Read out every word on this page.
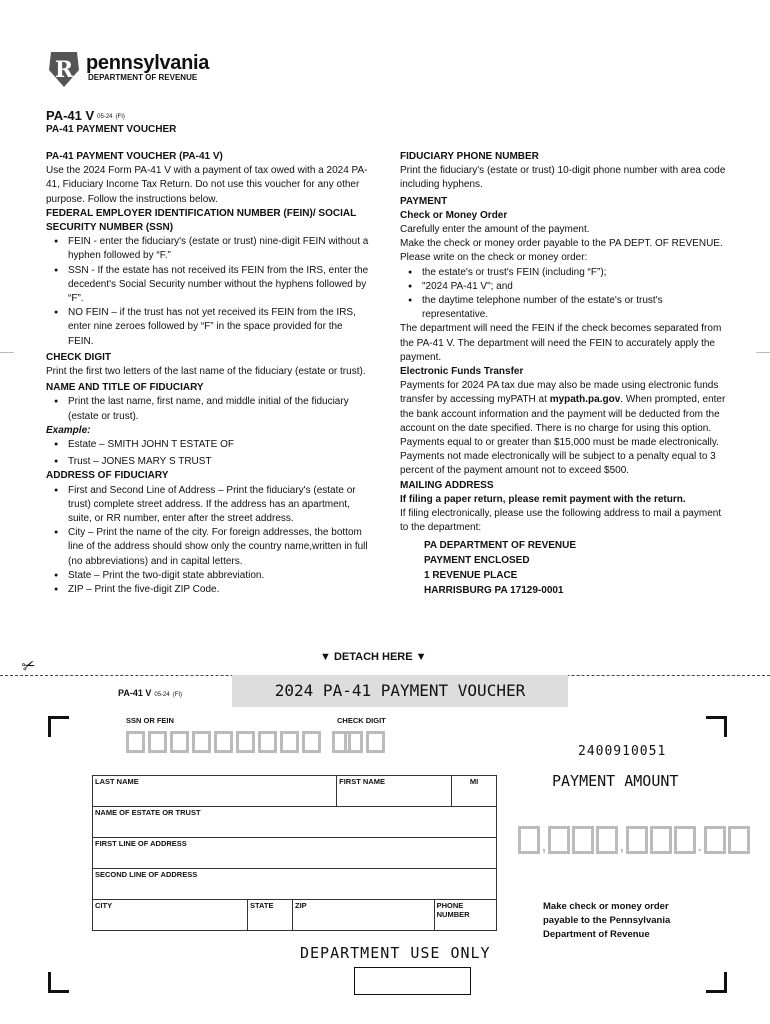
R pennsylvania
DEPARTMENT OF REVENUE
PA-41 V 05-24 (FI)
PA-41 PAYMENT VOUCHER
PA-41 PAYMENT VOUCHER (PA-41 V)

Use the 2024 Form PA-41 V with a payment of tax owed with a 2024 PA-41, Fiduciary Income Tax Return. Do not use this voucher for any other purpose. Follow the instructions below.

FEDERAL EMPLOYER IDENTIFICATION NUMBER (FEIN)/ SOCIAL SECURITY NUMBER (SSN)
● FEIN - enter the fiduciary's (estate or trust) nine-digit FEIN without a hyphen followed by “F.”
● SSN - If the estate has not received its FEIN from the IRS, enter the decedent's Social Security number without the hyphens followed by “F”.
● NO FEIN – if the trust has not yet received its FEIN from the IRS, enter nine zeroes followed by “F” in the space provided for the FEIN.
CHECK DIGIT

Print the first two letters of the last name of the fiduciary (estate or trust).

NAME AND TITLE OF FIDUCIARY
● Print the last name, first name, and middle initial of the fiduciary (estate or trust).
Example:
● Estate – SMITH JOHN T ESTATE OF
● Trust – JONES MARY S TRUST
ADDRESS OF FIDUCIARY
● First and Second Line of Address – Print the fiduciary's (estate or trust) complete street address. If the address has an apartment, suite, or RR number, enter after the street address.
● City – Print the name of the city. For foreign addresses, the bottom line of the address should show only the country name,written in full (no abbreviations) and in capital letters.
● State – Print the two-digit state abbreviation.
● ZIP – Print the five-digit ZIP Code.
FIDUCIARY PHONE NUMBER

Print the fiduciary's (estate or trust) 10-digit phone number with area code including hyphens.

PAYMENT
Check or Money Order

Carefully enter the amount of the payment.

Make the check or money order payable to the PA DEPT. OF REVENUE. Please write on the check or money order:

● the estate's or trust's FEIN (including “F”);
● "2024 PA-41 V"; and
● the daytime telephone number of the estate's or trust's representative.

The department will need the FEIN if the check becomes separated from the PA-41 V. The department will need the FEIN to accurately apply the payment.

Electronic Funds Transfer

Payments for 2024 PA tax due may also be made using electronic funds transfer by accessing myPATH at mypath.pa.gov. When prompted, enter the bank account information and the payment will be deducted from the account on the date specified. There is no charge for using this option. Payments equal to or greater than $15,000 must be made electronically. Payments not made electronically will be subject to a penalty equal to 3 percent of the payment amount not to exceed $500.

MAILING ADDRESS

If filing a paper return, please remit payment with the return.

If filing electronically, please use the following address to mail a payment to the department:

PA DEPARTMENT OF REVENUE
PAYMENT ENCLOSED
1 REVENUE PLACE
HARRISBURG PA 17129-0001
▼ DETACH HERE ▼
✂
PA-41 V 05-24 (FI)	2024 PA-41 PAYMENT VOUCHER
SSN OR FEIN	CHECK DIGIT
2400910051
PAYMENT AMOUNT
,	,	.
LAST NAME			FIRST NAME		MI
NAME OF ESTATE OR TRUST					
FIRST LINE OF ADDRESS					
SECOND LINE OF ADDRESS					
CITY	STATE	ZIP		PHONE NUMBER	
Make check or money order
payable to the Pennsylvania
Department of Revenue
DEPARTMENT USE ONLY
